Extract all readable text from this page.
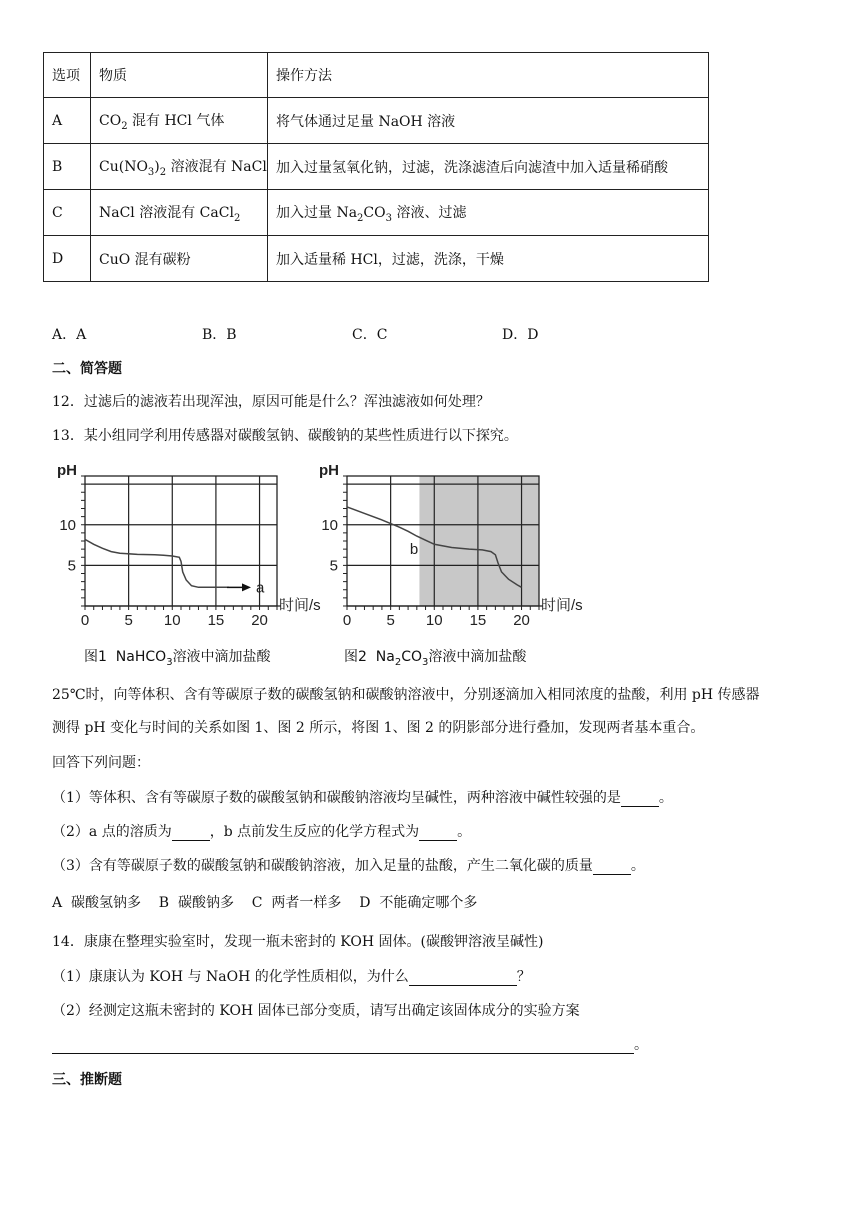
选项	物质	操作方法
A	$CO_2$ 混有 HCl 气体	将气体通过足量 NaOH 溶液
B	$Cu(NO_3)_2$ 溶液混有 NaCl	加入过量氢氧化钠，过滤，洗涤滤渣后向滤渣中加入适量稀硝酸
C	NaCl 溶液混有 CaCl$_2$	加入过量 $Na_2CO_3$ 溶液、过滤
D	CuO 混有碳粉	加入适量稀 HCl，过滤，洗涤，干燥
A．A	B．B	C．C	D．D
二、简答题
12．过滤后的滤液若出现浑浊，原因可能是什么？浑浊滤液如何处理？
13．某小组同学利用传感器对碳酸氢钠、碳酸钠的某些性质进行以下探究。
0 5 10 15 20
5
10
pH
时间/s
a
0 5 10 15 20
5
10
pH
时间/s
b
图1  NaHCO$_3$溶液中滴加盐酸	图2  $Na_2CO_3$溶液中滴加盐酸
25℃时，向等体积、含有等碳原子数的碳酸氢钠和碳酸钠溶液中，分别逐滴加入相同浓度的盐酸，利用 pH 传感器
测得 pH 变化与时间的关系如图 1、图 2 所示，将图 1、图 2 的阴影部分进行叠加，发现两者基本重合。
回答下列问题：
（1）等体积、含有等碳原子数的碳酸氢钠和碳酸钠溶液均呈碱性，两种溶液中碱性较强的是	。
（2）a 点的溶质为	，b 点前发生反应的化学方程式为	。
（3）含有等碳原子数的碳酸氢钠和碳酸钠溶液，加入足量的盐酸，产生二氧化碳的质量	。
A  碳酸氢钠多    B  碳酸钠多    C  两者一样多    D  不能确定哪个多
14．康康在整理实验室时，发现一瓶未密封的 KOH 固体。(碳酸钾溶液呈碱性)
（1）康康认为 KOH 与 NaOH 的化学性质相似，为什么	？
（2）经测定这瓶未密封的 KOH 固体已部分变质，请写出确定该固体成分的实验方案
。
三、推断题
